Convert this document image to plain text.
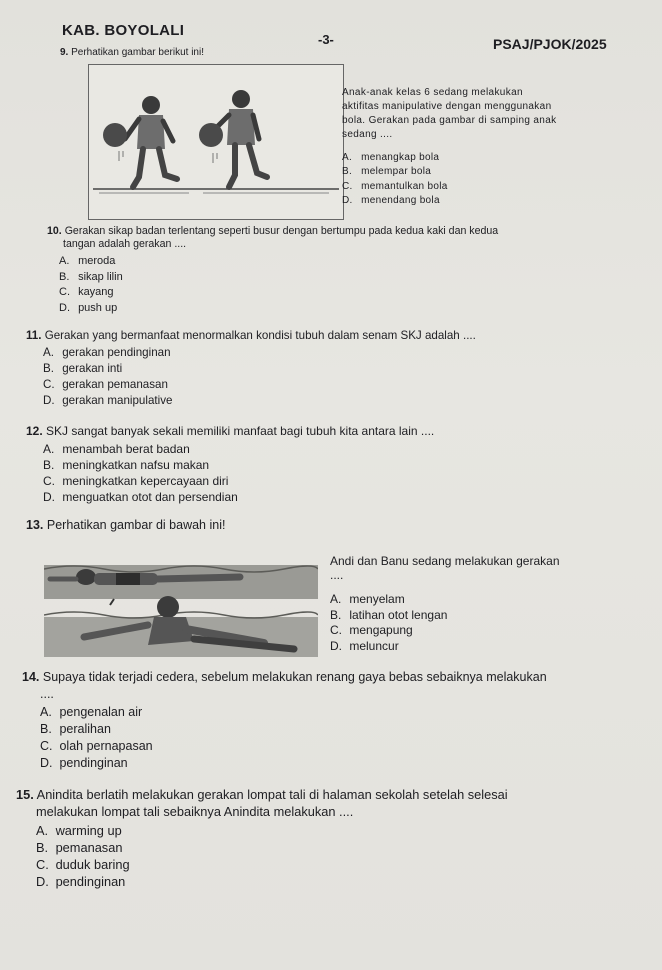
KAB. BOYOLALI
-3-	PSAJ/PJOK/2025
9. Perhatikan gambar berikut ini!
Anak-anak kelas 6 sedang melakukan
aktifitas manipulative dengan menggunakan
bola. Gerakan pada gambar di samping anak
sedang ....
A. menangkap bola
B. melempar bola
C. memantulkan bola
D. menendang bola
10. Gerakan sikap badan terlentang seperti busur dengan bertumpu pada kedua kaki dan kedua
tangan adalah gerakan ....
A. meroda
B. sikap lilin
C. kayang
D. push up
11. Gerakan yang bermanfaat menormalkan kondisi tubuh dalam senam SKJ adalah ....
A. gerakan pendinginan
B. gerakan inti
C. gerakan pemanasan
D. gerakan manipulative
12. SKJ sangat banyak sekali memiliki manfaat bagi tubuh kita antara lain ....
A. menambah berat badan
B. meningkatkan nafsu makan
C. meningkatkan kepercayaan diri
D. menguatkan otot dan persendian
13. Perhatikan gambar di bawah ini!
Andi dan Banu sedang melakukan gerakan
....
A. menyelam
B. latihan otot lengan
C. mengapung
D. meluncur
14. Supaya tidak terjadi cedera, sebelum melakukan renang gaya bebas sebaiknya melakukan
....
A. pengenalan air
B. peralihan
C. olah pernapasan
D. pendinginan
15. Anindita berlatih melakukan gerakan lompat tali di halaman sekolah setelah selesai
melakukan lompat tali sebaiknya Anindita melakukan ....
A. warming up
B. pemanasan
C. duduk baring
D. pendinginan
